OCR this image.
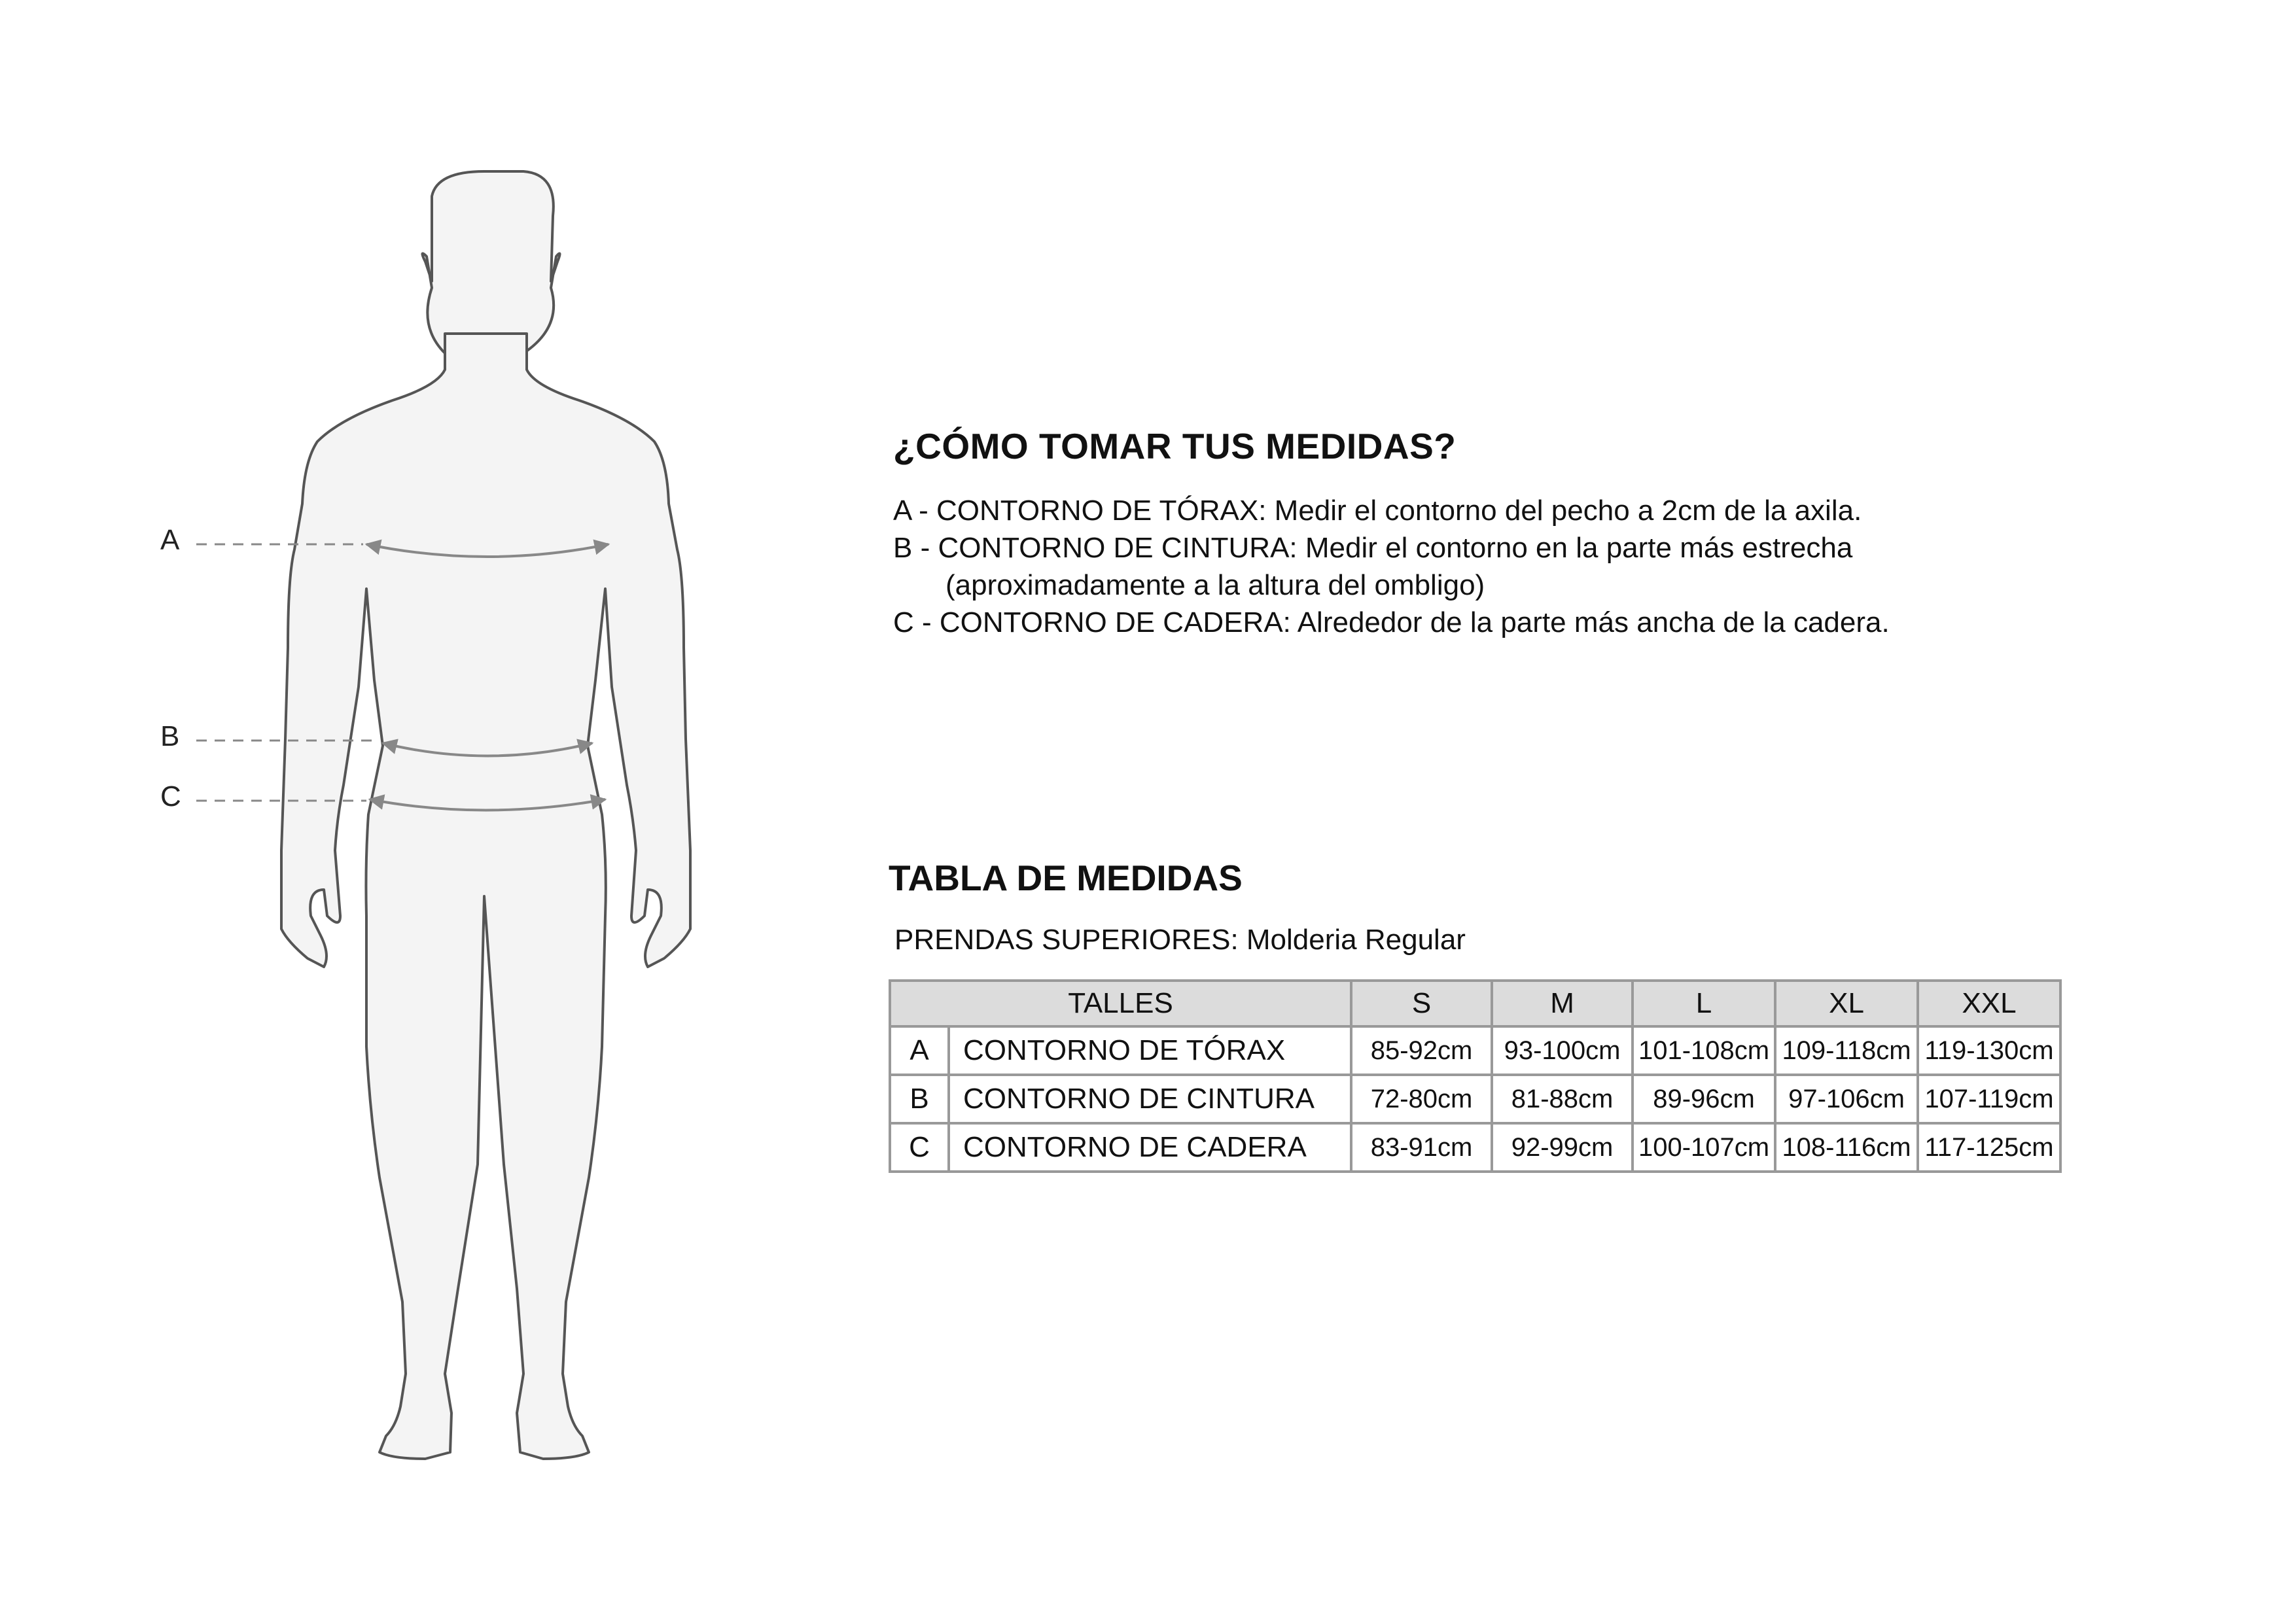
A
B
C
¿CÓMO TOMAR TUS MEDIDAS?
A - CONTORNO DE TÓRAX: Medir el contorno del pecho a 2cm de la axila.
B - CONTORNO DE CINTURA: Medir el contorno en la parte más estrecha
(aproximadamente a la altura del ombligo)
C - CONTORNO DE CADERA: Alrededor de la parte más ancha de la cadera.
TABLA DE MEDIDAS
PRENDAS SUPERIORES: Molderia Regular
TALLES		S	M	L	XL	XXL
A	CONTORNO DE TÓRAX	85-92cm	93-100cm	101-108cm	109-118cm	119-130cm
B	CONTORNO DE CINTURA	72-80cm	81-88cm	89-96cm	97-106cm	107-119cm
C	CONTORNO DE CADERA	83-91cm	92-99cm	100-107cm	108-116cm	117-125cm
